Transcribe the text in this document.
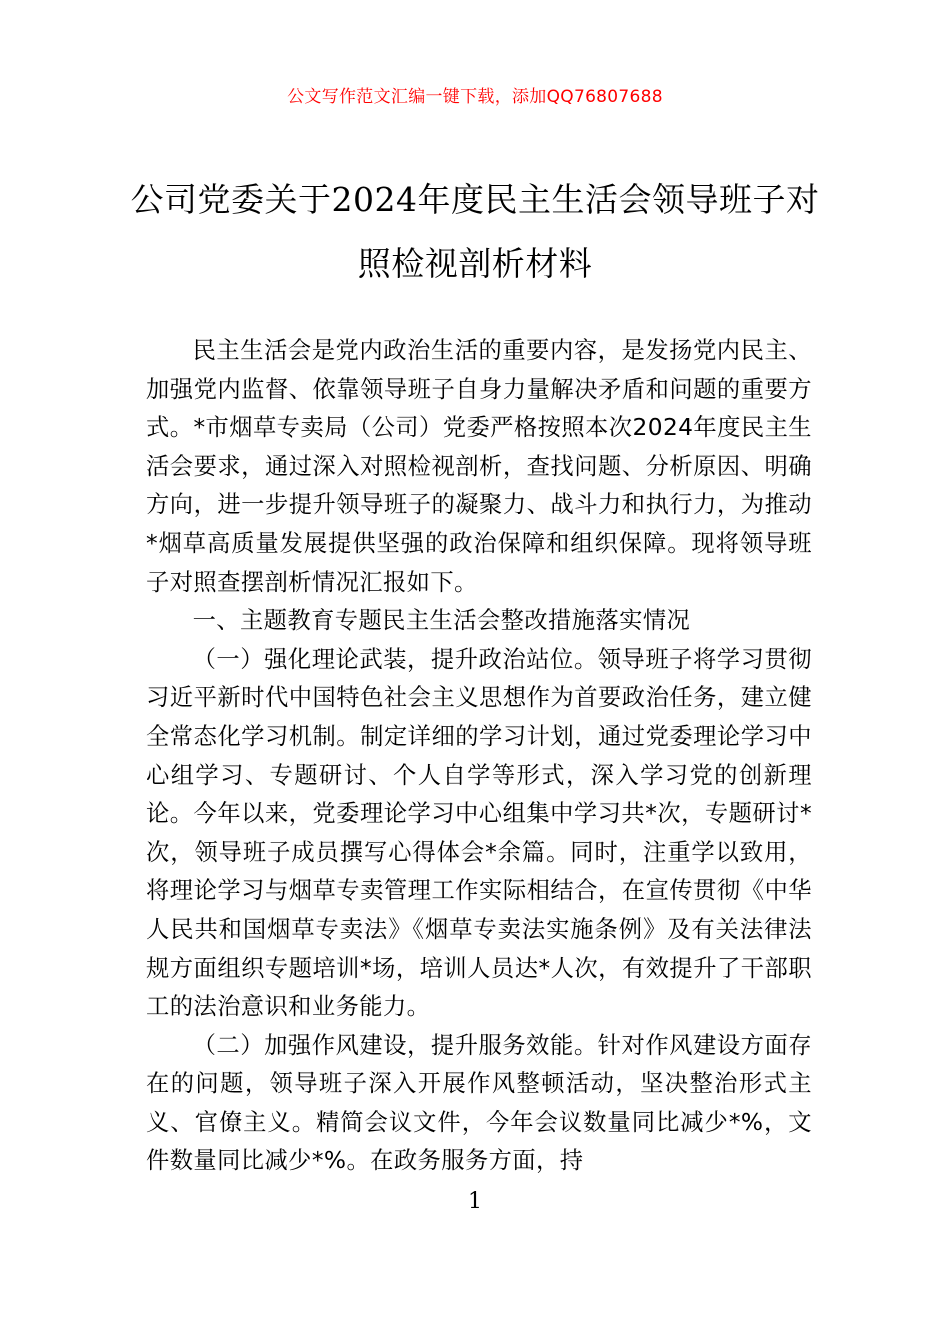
公文写作范文汇编一键下载，添加QQ76807688
公司党委关于2024年度民主生活会领导班子对照检视剖析材料

民主生活会是党内政治生活的重要内容，是发扬党内民主、加强党内监督、依靠领导班子自身力量解决矛盾和问题的重要方式。*市烟草专卖局（公司）党委严格按照本次2024年度民主生活会要求，通过深入对照检视剖析，查找问题、分析原因、明确方向，进一步提升领导班子的凝聚力、战斗力和执行力，为推动*烟草高质量发展提供坚强的政治保障和组织保障。现将领导班子对照查摆剖析情况汇报如下。

一、主题教育专题民主生活会整改措施落实情况

（一）强化理论武装，提升政治站位。领导班子将学习贯彻习近平新时代中国特色社会主义思想作为首要政治任务，建立健全常态化学习机制。制定详细的学习计划，通过党委理论学习中心组学习、专题研讨、个人自学等形式，深入学习党的创新理论。今年以来，党委理论学习中心组集中学习共*次，专题研讨*次，领导班子成员撰写心得体会*余篇。同时，注重学以致用，将理论学习与烟草专卖管理工作实际相结合，在宣传贯彻《中华人民共和国烟草专卖法》《烟草专卖法实施条例》及有关法律法规方面组织专题培训*场，培训人员达*人次，有效提升了干部职工的法治意识和业务能力。

（二）加强作风建设，提升服务效能。针对作风建设方面存在的问题，领导班子深入开展作风整顿活动，坚决整治形式主义、官僚主义。精简会议文件，今年会议数量同比减少*%，文件数量同比减少*%。在政务服务方面，持

1
